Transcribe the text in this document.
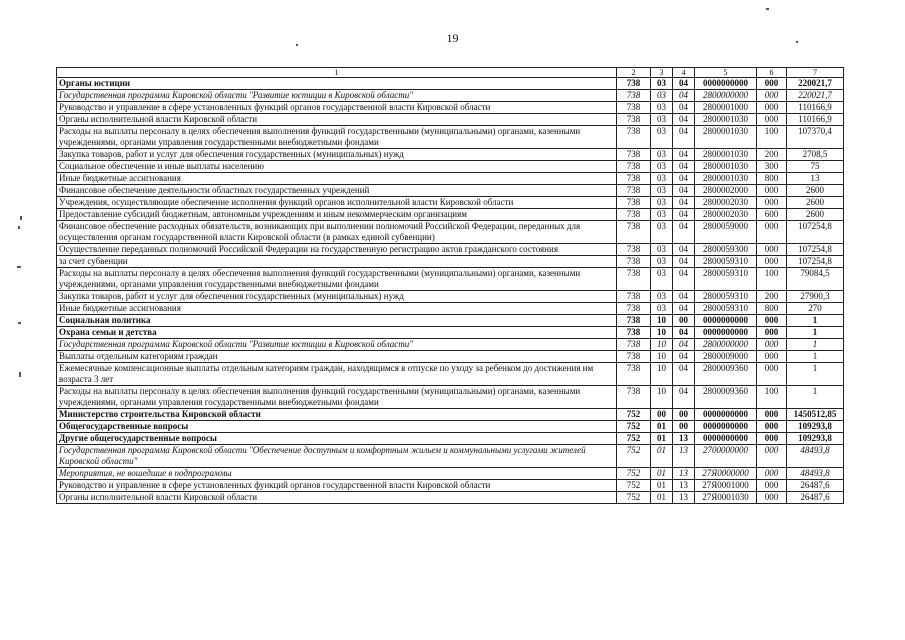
19
1	2	3	4	5	6	7
Органы юстиции	738	03	04	0000000000	000	220021,7
Государственная программа Кировской области "Развитие юстиции в Кировской области"	738	03	04	2800000000	000	220021,7
Руководство и управление в сфере установленных функций органов государственной власти Кировской области	738	03	04	2800001000	000	110166,9
Органы исполнительной власти Кировской области	738	03	04	2800001030	000	110166,9
Расходы на выплаты персоналу в целях обеспечения выполнения функций государственными (муниципальными) органами, казенными учреждениями, органами управления государственными внебюджетными фондами	738	03	04	2800001030	100	107370,4
Закупка товаров, работ и услуг для обеспечения государственных (муниципальных) нужд	738	03	04	2800001030	200	2708,5
Социальное обеспечение и иные выплаты населению	738	03	04	2800001030	300	75
Иные бюджетные ассигнования	738	03	04	2800001030	800	13
Финансовое обеспечение деятельности областных государственных учреждений	738	03	04	2800002000	000	2600
Учреждения, осуществляющие обеспечение исполнения функций органов исполнительной власти Кировской области	738	03	04	2800002030	000	2600
Предоставление субсидий бюджетным, автономным учреждениям и иным некоммерческим организациям	738	03	04	2800002030	600	2600
Финансовое обеспечение расходных обязательств, возникающих при выполнении полномочий Российской Федерации, переданных для осуществления органам государственной власти Кировской области (в рамках единой субвенции)	738	03	04	2800059000	000	107254,8
Осуществление переданных полномочий Российской Федерации на государственную регистрацию актов гражданского состояния	738	03	04	2800059300	000	107254,8
за счет субвенции	738	03	04	2800059310	000	107254,8
Расходы на выплаты персоналу в целях обеспечения выполнения функций государственными (муниципальными) органами, казенными учреждениями, органами управления государственными внебюджетными фондами	738	03	04	2800059310	100	79084,5
Закупка товаров, работ и услуг для обеспечения государственных (муниципальных) нужд	738	03	04	2800059310	200	27900,3
Иные бюджетные ассигнования	738	03	04	2800059310	800	270
Социальная политика	738	10	00	0000000000	000	1
Охрана семьи и детства	738	10	04	0000000000	000	1
Государственная программа Кировской области "Развитие юстиции в Кировской области"	738	10	04	2800000000	000	1
Выплаты отдельным категориям граждан	738	10	04	2800009000	000	1
Ежемесячные компенсационные выплаты отдельным категориям граждан, находящимся в отпуске по уходу за ребенком до достижения им возраста 3 лет	738	10	04	2800009360	000	1
Расходы на выплаты персоналу в целях обеспечения выполнения функций государственными (муниципальными) органами, казенными учреждениями, органами управления государственными внебюджетными фондами	738	10	04	2800009360	100	1
Министерство строительства Кировской области	752	00	00	0000000000	000	1450512,85
Общегосударственные вопросы	752	01	00	0000000000	000	109293,8
Другие общегосударственные вопросы	752	01	13	0000000000	000	109293,8
Государственная программа Кировской области "Обеспечение доступным и комфортным жильем и коммунальными услугами жителей Кировской области"	752	01	13	2700000000	000	48493,8
Мероприятия, не вошедшие в подпрограммы	752	01	13	27Я0000000	000	48493,8
Руководство и управление в сфере установленных функций органов государственной власти Кировской области	752	01	13	27Я0001000	000	26487,6
Органы исполнительной власти Кировской области	752	01	13	27Я0001030	000	26487,6
